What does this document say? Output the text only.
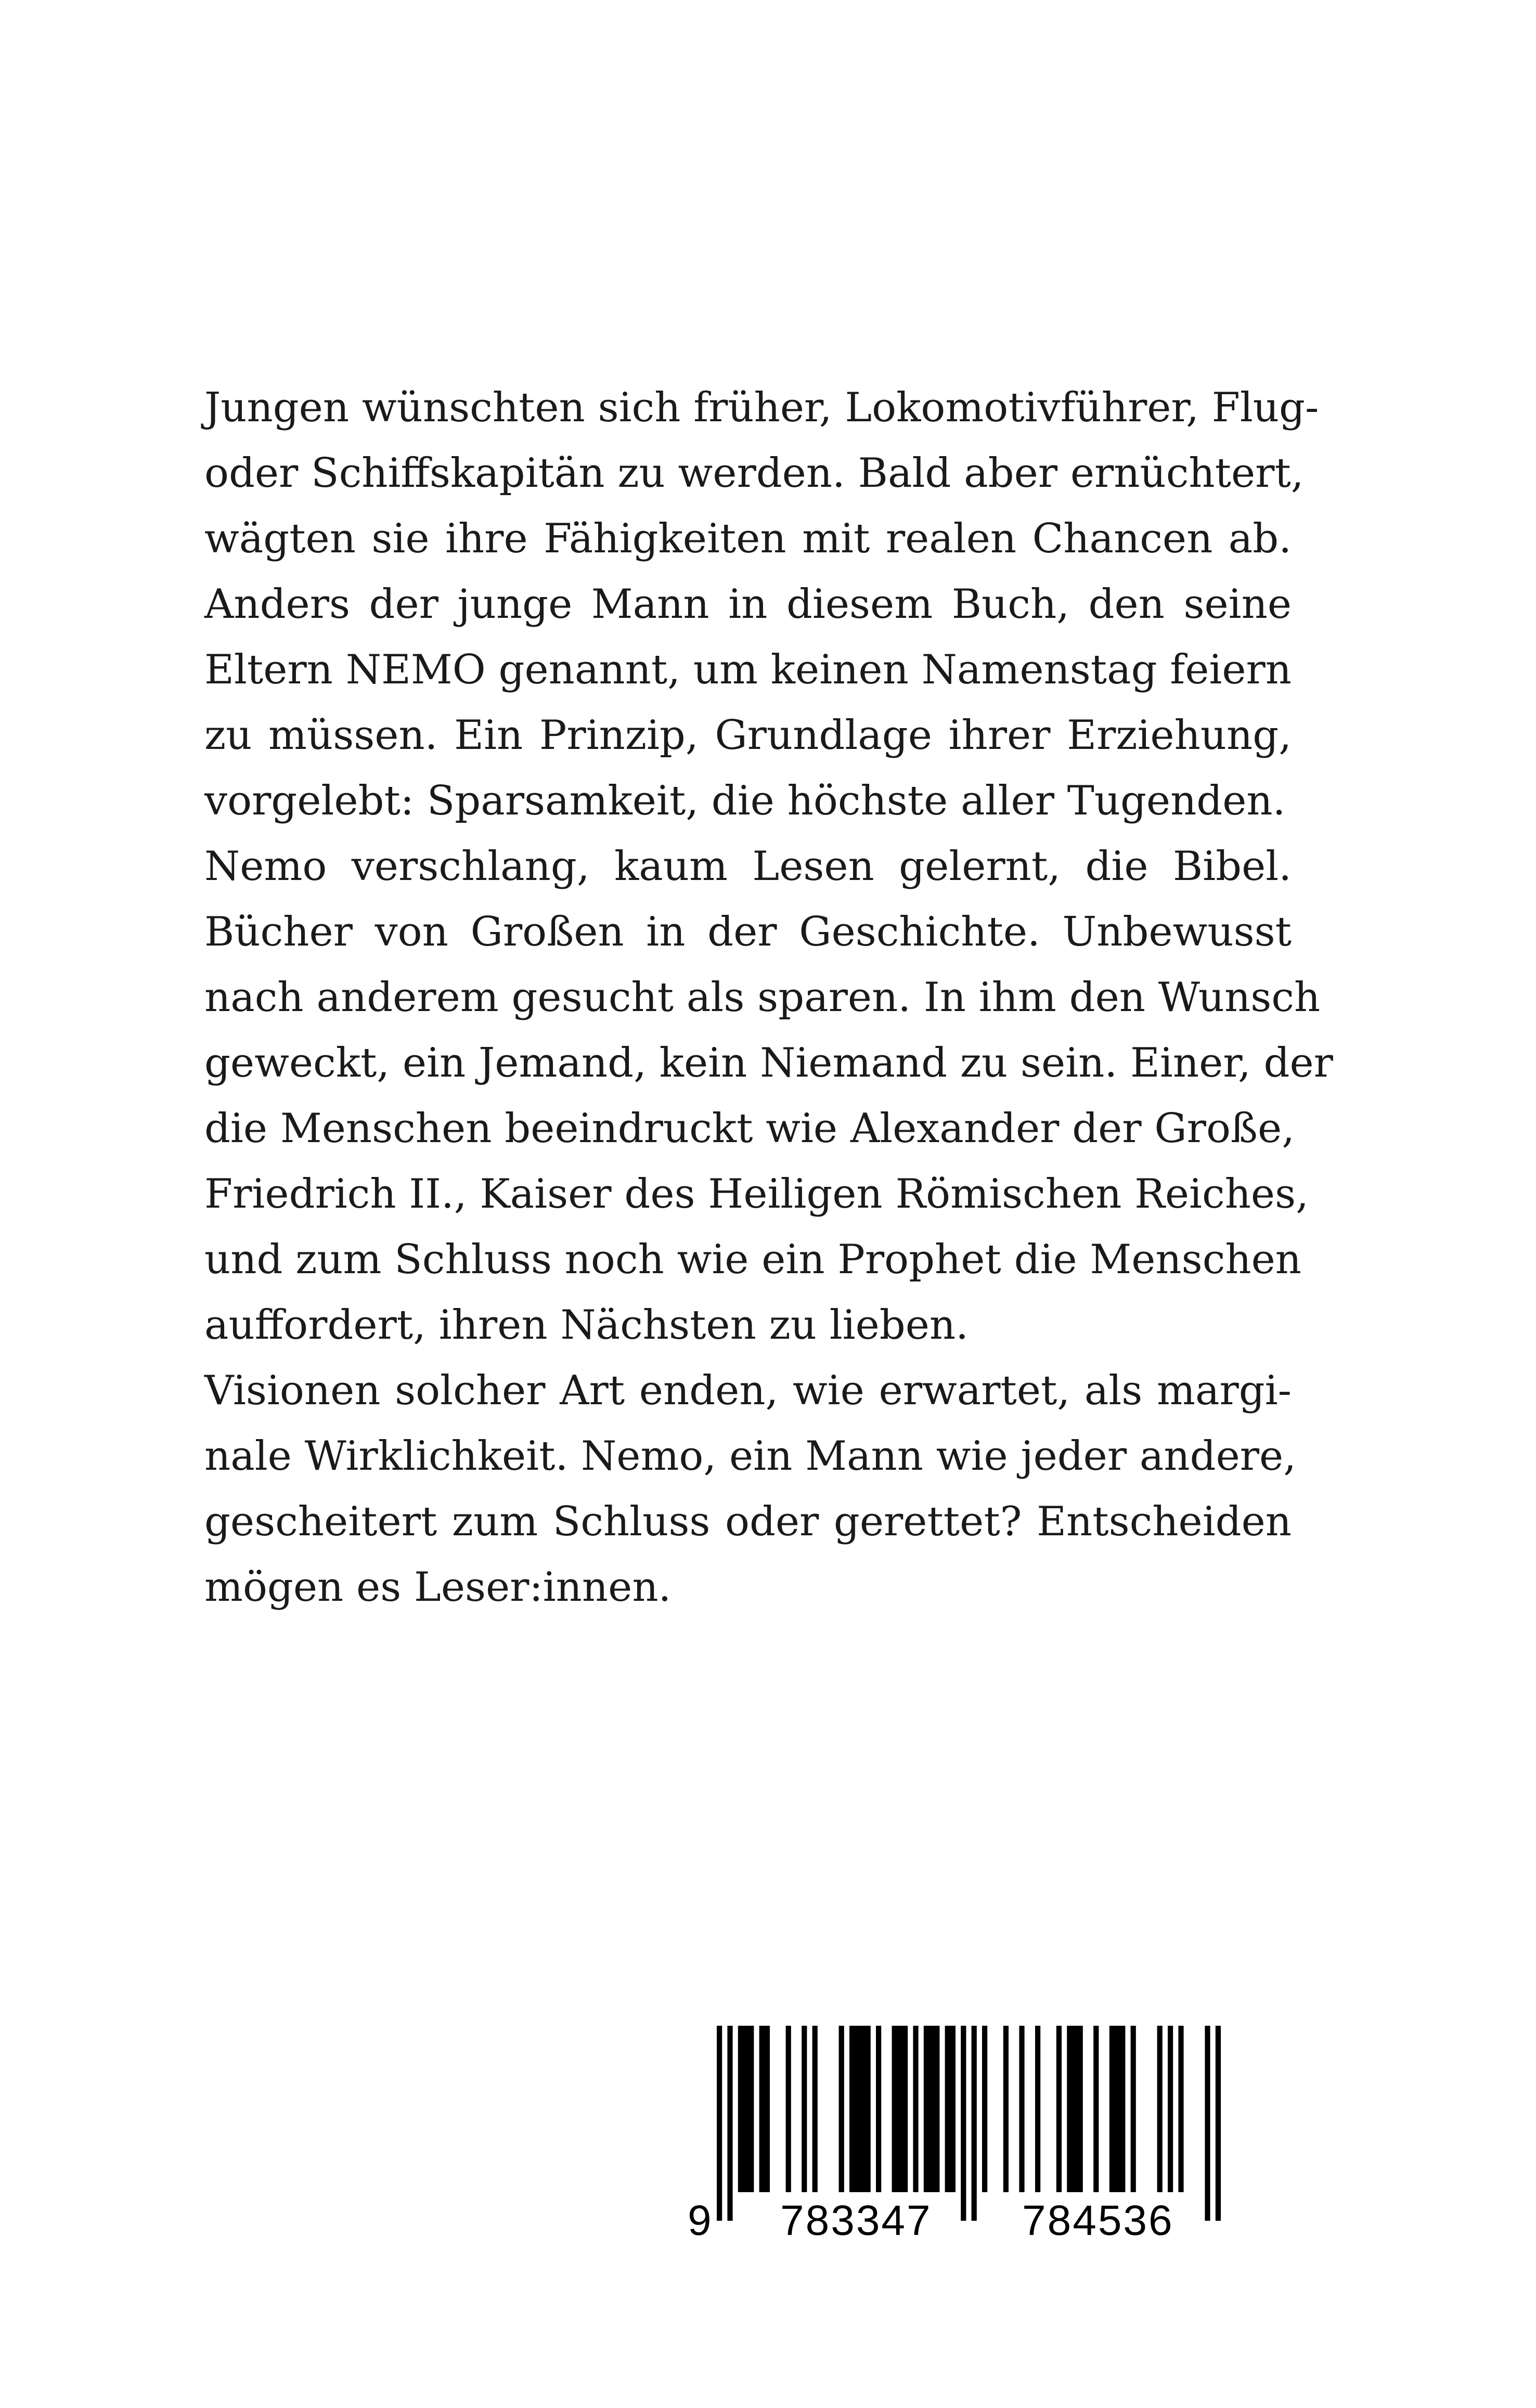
Jungen wünschten sich früher, Lokomotivführer, Flug-
oder Schiffskapitän zu werden. Bald aber ernüchtert,
wägten sie ihre Fähigkeiten mit realen Chancen ab.
Anders der junge Mann in diesem Buch, den seine
Eltern NEMO genannt, um keinen Namenstag feiern
zu müssen. Ein Prinzip, Grundlage ihrer Erziehung,
vorgelebt: Sparsamkeit, die höchste aller Tugenden.
Nemo verschlang, kaum Lesen gelernt, die Bibel.
Bücher von Großen in der Geschichte. Unbewusst
nach anderem gesucht als sparen. In ihm den Wunsch
geweckt, ein Jemand, kein Niemand zu sein. Einer, der
die Menschen beeindruckt wie Alexander der Große,
Friedrich II., Kaiser des Heiligen Römischen Reiches,
und zum Schluss noch wie ein Prophet die Menschen
auffordert, ihren Nächsten zu lieben.
Visionen solcher Art enden, wie erwartet, als margi-
nale Wirklichkeit. Nemo, ein Mann wie jeder andere,
gescheitert zum Schluss oder gerettet? Entscheiden
mögen es Leser:innen.
9 783347 784536
